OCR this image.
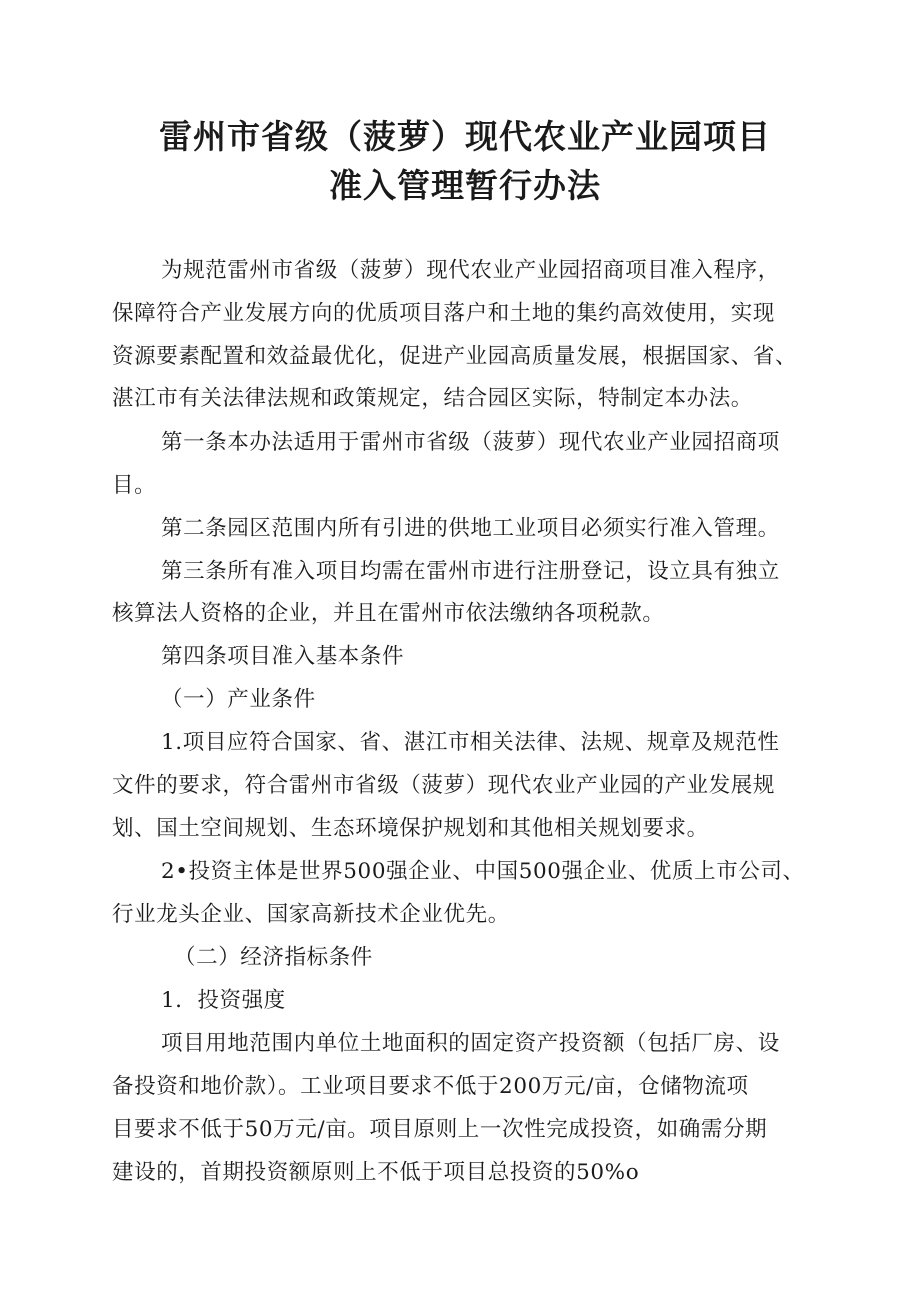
雷州市省级（菠萝）现代农业产业园项目
准入管理暂行办法
为规范雷州市省级（菠萝）现代农业产业园招商项目准入程序，
保障符合产业发展方向的优质项目落户和土地的集约高效使用，实现
资源要素配置和效益最优化，促进产业园高质量发展，根据国家、省、
湛江市有关法律法规和政策规定，结合园区实际，特制定本办法。
第一条本办法适用于雷州市省级（菠萝）现代农业产业园招商项
目。
第二条园区范围内所有引进的供地工业项目必须实行准入管理。
第三条所有准入项目均需在雷州市进行注册登记，设立具有独立
核算法人资格的企业，并且在雷州市依法缴纳各项税款。
第四条项目准入基本条件
（一）产业条件
1.项目应符合国家、省、湛江市相关法律、法规、规章及规范性
文件的要求，符合雷州市省级（菠萝）现代农业产业园的产业发展规
划、国土空间规划、生态环境保护规划和其他相关规划要求。
2•投资主体是世界500强企业、中国500强企业、优质上市公司、
行业龙头企业、国家高新技术企业优先。
（二）经济指标条件
1．投资强度
项目用地范围内单位土地面积的固定资产投资额（包括厂房、设
备投资和地价款）。工业项目要求不低于200万元/亩，仓储物流项
目要求不低于50万元/亩。项目原则上一次性完成投资，如确需分期
建设的，首期投资额原则上不低于项目总投资的50%o
